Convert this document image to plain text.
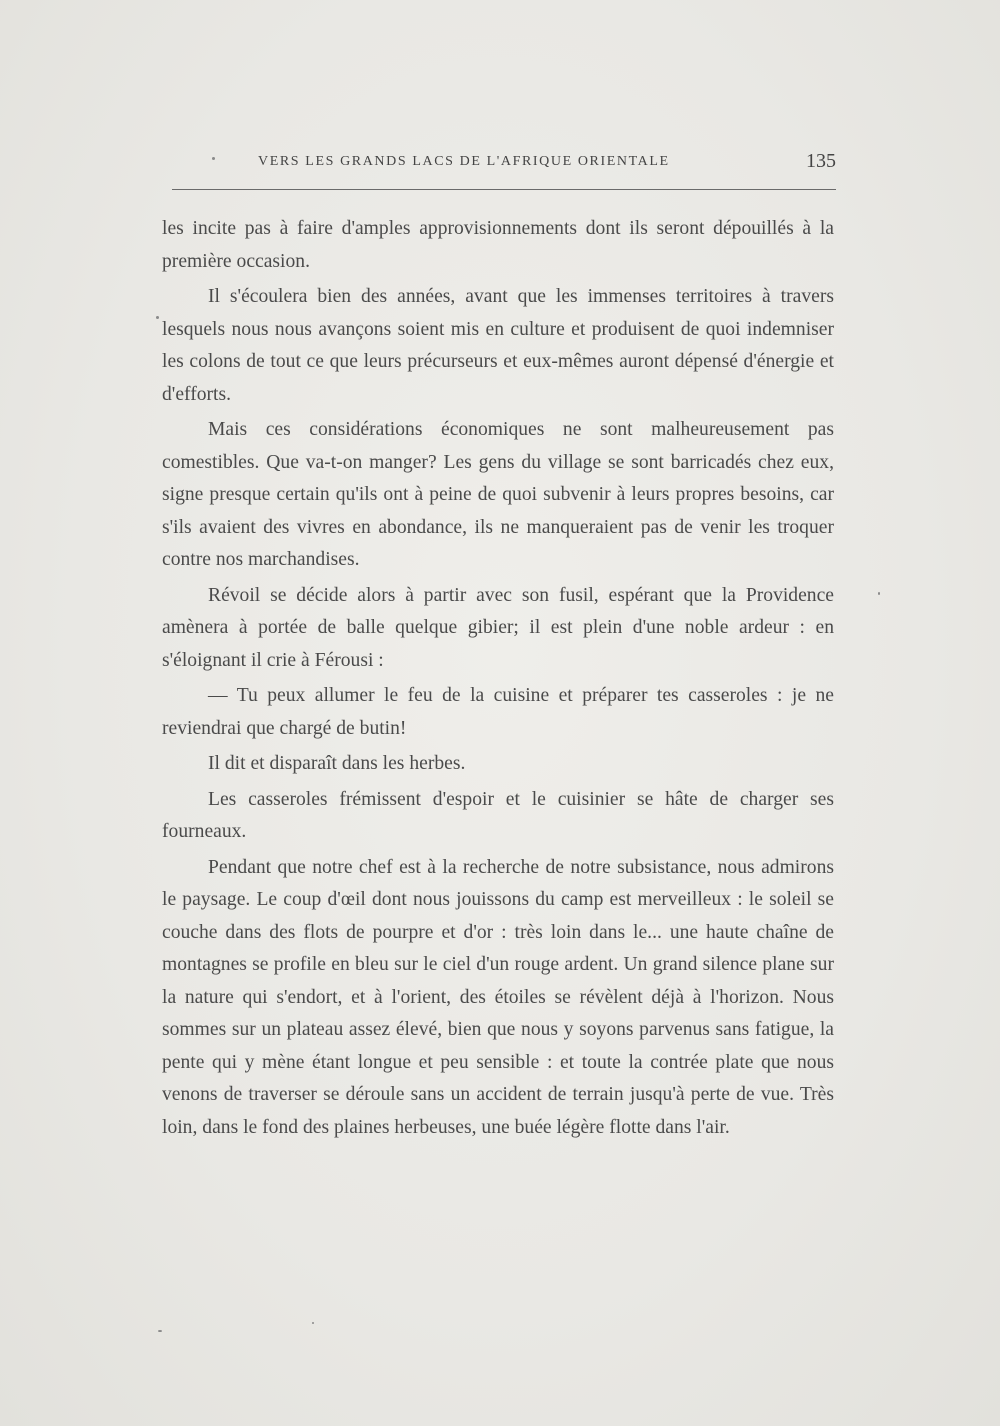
VERS LES GRANDS LACS DE L'AFRIQUE ORIENTALE	135

les incite pas à faire d'amples approvisionnements dont ils seront dépouillés à la première occasion.

Il s'écoulera bien des années, avant que les immenses territoires à travers lesquels nous nous avançons soient mis en culture et produisent de quoi indemniser les colons de tout ce que leurs précurseurs et eux-mêmes auront dépensé d'énergie et d'efforts.

Mais ces considérations économiques ne sont malheureusement pas comestibles. Que va-t-on manger? Les gens du village se sont barricadés chez eux, signe presque certain qu'ils ont à peine de quoi subvenir à leurs propres besoins, car s'ils avaient des vivres en abondance, ils ne manqueraient pas de venir les troquer contre nos marchandises.

Révoil se décide alors à partir avec son fusil, espérant que la Providence amènera à portée de balle quelque gibier; il est plein d'une noble ardeur : en s'éloignant il crie à Férousi :

— Tu peux allumer le feu de la cuisine et préparer tes casseroles : je ne reviendrai que chargé de butin!

Il dit et disparaît dans les herbes.

Les casseroles frémissent d'espoir et le cuisinier se hâte de charger ses fourneaux.

Pendant que notre chef est à la recherche de notre subsistance, nous admirons le paysage. Le coup d'œil dont nous jouissons du camp est merveilleux : le soleil se couche dans des flots de pourpre et d'or : très loin dans le... une haute chaîne de montagnes se profile en bleu sur le ciel d'un rouge ardent. Un grand silence plane sur la nature qui s'endort, et à l'orient, des étoiles se révèlent déjà à l'horizon. Nous sommes sur un plateau assez élevé, bien que nous y soyons parvenus sans fatigue, la pente qui y mène étant longue et peu sensible : et toute la contrée plate que nous venons de traverser se déroule sans un accident de terrain jusqu'à perte de vue. Très loin, dans le fond des plaines herbeuses, une buée légère flotte dans l'air.
